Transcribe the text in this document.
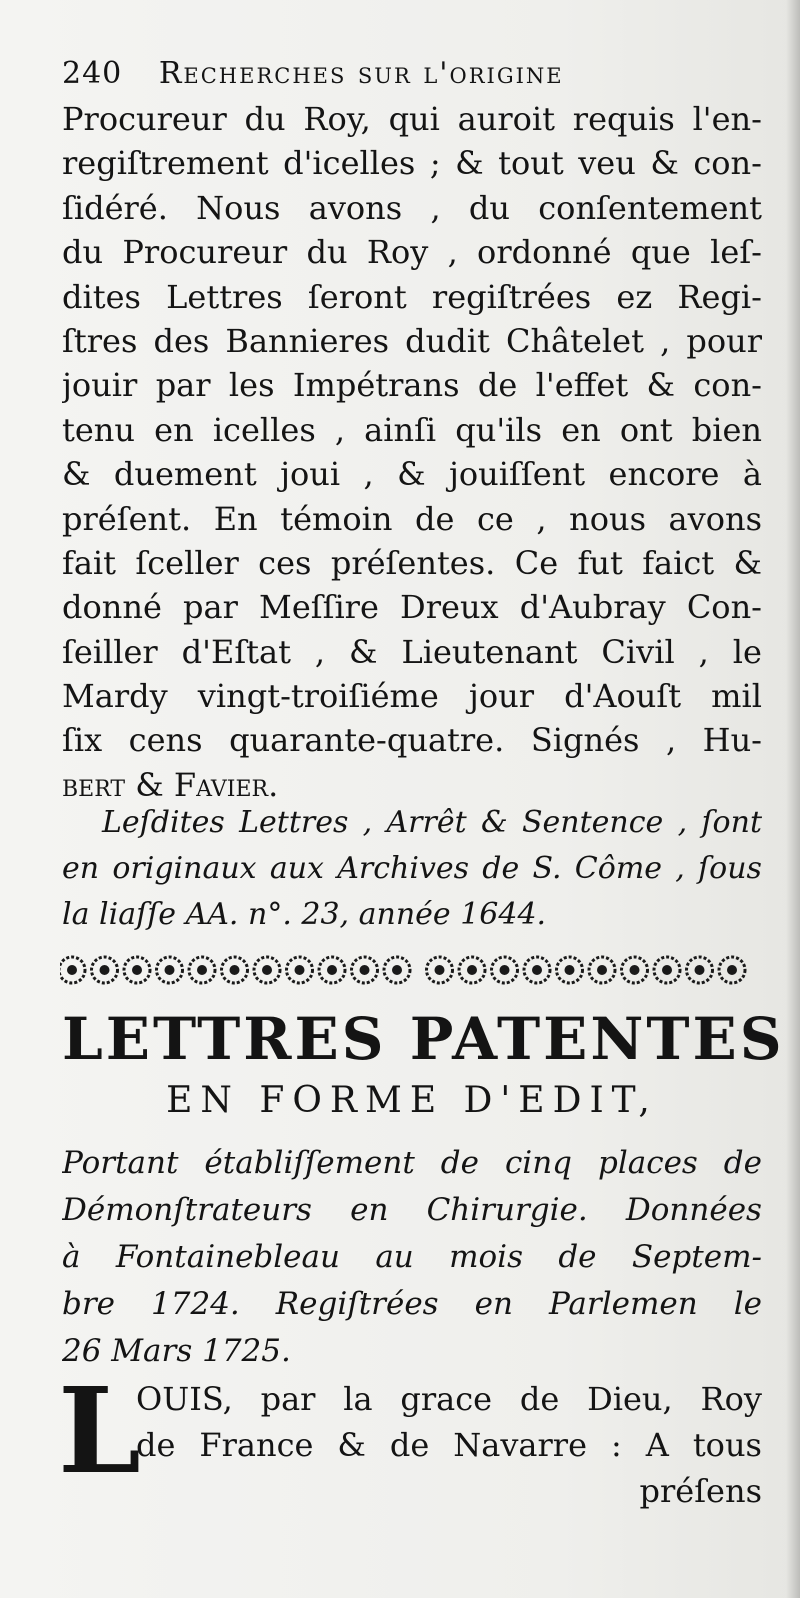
240 Recherches sur l'origine
Procureur du Roy, qui auroit requis l'en-
regiſtrement d'icelles ; & tout veu & con-
ſidéré. Nous avons , du conſentement
du Procureur du Roy , ordonné que leſ-
dites Lettres ſeront regiſtrées ez Regi-
ſtres des Bannieres dudit Châtelet , pour
jouir par les Impétrans de l'effet & con-
tenu en icelles , ainſi qu'ils en ont bien
& duement joui , & jouiſſent encore à
préſent. En témoin de ce , nous avons
fait ſceller ces préſentes. Ce fut faict &
donné par Meſſire Dreux d'Aubray Con-
ſeiller d'Eſtat , & Lieutenant Civil , le
Mardy vingt-troiſiéme jour d'Aouſt mil
ſix cens quarante-quatre. Signés , Hu-
bert & Favier.
Leſdites Lettres , Arrêt & Sentence , ſont
en originaux aux Archives de S. Côme , ſous
la liaſſe AA. n°. 23, année 1644.
LETTRES PATENTES
EN FORME D'EDIT,
Portant établiſſement de cinq places de
Démonſtrateurs en Chirurgie. Données
à Fontainebleau au mois de Septem-
bre 1724. Regiſtrées en Parlemen le
26 Mars 1725.
L
OUIS, par la grace de Dieu, Roy
de France & de Navarre : A tous
préſens
